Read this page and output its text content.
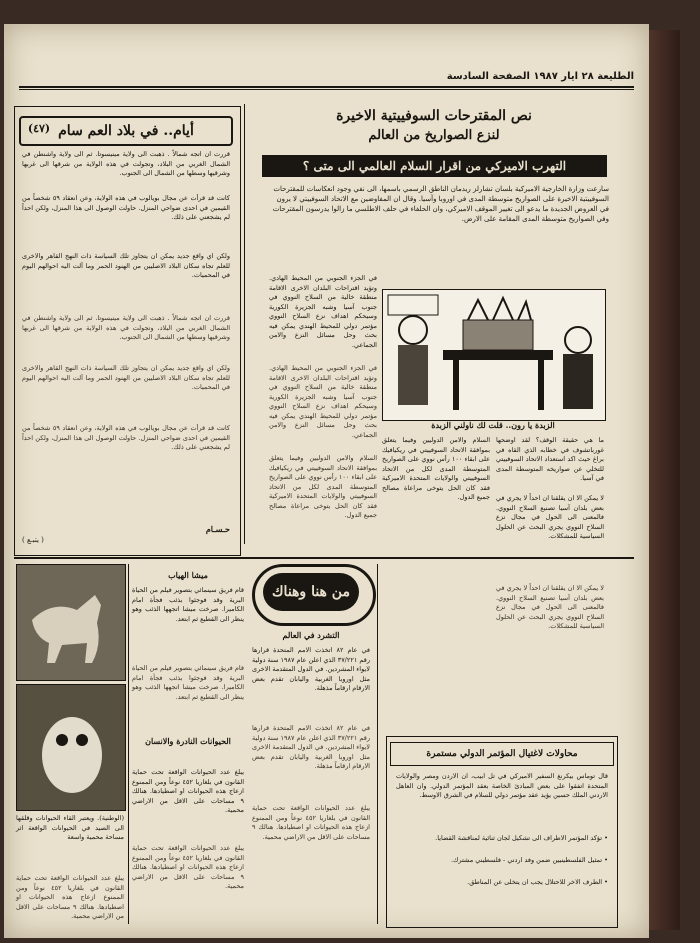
الطليعة ٢٨ ايار ١٩٨٧ الصفحة السادسة

نص المقترحات السوفييتية الاخيرة

لنزع الصواريخ من العالم

التهرب الاميركي من اقرار السلام العالمي الى متى ؟

سارعت وزارة الخارجية الاميركية بلسان تشارلز ريدمان الناطق الرسمي باسمها، الى نفي وجود انعكاسات للمقترحات السوفييتية الاخيرة على الصواريخ متوسطة المدى في اوروبا وآسيا. وقال ان المفاوضين مع الاتحاد السوفييتي لا يرون في العروض الجديدة ما يدعو الى تغيير الموقف الاميركي، وان الحلفاء في حلف الاطلسي ما زالوا يدرسون المقترحات وفي الصواريخ متوسطة المدى المقامة على الارض.

أيام.. في بلاد العم سام
(٤٧)

قررت ان اتجه شمالاً . ذهبت الى ولاية مينيسوتا. ثم الى ولاية واشنطن في الشمال الغربي من البلاد، وتجولت في هذه الولاية من شرقها الى غربها وشرقيها وسطها من الشمال الى الجنوب.

كانت قد قرأت عن مجال بويالوب في هذه الولاية، وعن انعقاد ٥٩ شخصاً من القيمين في احدى ضواحي المنزل. حاولت الوصول الى هذا المنزل، ولكن احداً لم يشجعني على ذلك.

ولكن اي واقع جديد يمكن ان يتجاوز تلك السياسة ذات النهج القاهر والاخرى للعلم تجاه سكان البلاد الاصليين من الهنود الحمر وما آلت اليه احوالهم اليوم في المحميات.

قررت ان اتجه شمالاً . ذهبت الى ولاية مينيسوتا. ثم الى ولاية واشنطن في الشمال الغربي من البلاد، وتجولت في هذه الولاية من شرقها الى غربها وشرقيها وسطها من الشمال الى الجنوب.

ولكن اي واقع جديد يمكن ان يتجاوز تلك السياسة ذات النهج القاهر والاخرى للعلم تجاه سكان البلاد الاصليين من الهنود الحمر وما آلت اليه احوالهم اليوم في المحميات.

كانت قد قرأت عن مجال بويالوب في هذه الولاية، وعن انعقاد ٥٩ شخصاً من القيمين في احدى ضواحي المنزل. حاولت الوصول الى هذا المنزل، ولكن احداً لم يشجعني على ذلك.

حـسـام

( يتبـع )

في الجزء الجنوبي من المحيط الهادي. وتؤيد اقتراحات البلدان الاخرى الاقامة منطقة خالية من السلاح النووي في جنوب آسيا وشبه الجزيرة الكورية وسيحكم اهداف نزع السلاح النووي مؤتمر دولي للمحيط الهندي يمكن فيه بحث وحل مسائل النزع والامن الجماعي.

في الجزء الجنوبي من المحيط الهادي. وتؤيد اقتراحات البلدان الاخرى الاقامة منطقة خالية من السلاح النووي في جنوب آسيا وشبه الجزيرة الكورية وسيحكم اهداف نزع السلاح النووي مؤتمر دولي للمحيط الهندي يمكن فيه بحث وحل مسائل النزع والامن الجماعي.

السلام والامن الدوليين وفيما يتعلق بموافقة الاتحاد السوفييتي في ريكيافيك على ابقاء ١٠٠ رأس نووي على الصواريخ المتوسطة المدى لكل من الاتحاد السوفييتي والولايات المتحدة الاميركية فقد كان الحل يتوخى مراعاة مصالح جميع الدول.

ما هي حقيقة الوقف؟ لقد اوضحها غورباتشوف في خطابه الذي القاه في براغ حيث اكد استعداد الاتحاد السوفييتي للتخلي عن صواريخه المتوسطة المدى في آسيا.

لا يمكن الا ان يقلقنا ان احداً لا يجري في بعض بلدان آسيا تصنيع السلاح النووي. فالمعنى الى الحول في مجال نزع السلاح النووي يجري البحث عن الحلول السياسية للمشكلات.

السلام والامن الدوليين وفيما يتعلق بموافقة الاتحاد السوفييتي في ريكيافيك على ابقاء ١٠٠ رأس نووي على الصواريخ المتوسطة المدى لكل من الاتحاد السوفييتي والولايات المتحدة الاميركية فقد كان الحل يتوخى مراعاة مصالح جميع الدول.

لا يمكن الا ان يقلقنا ان احداً لا يجري في بعض بلدان آسيا تصنيع السلاح النووي. فالمعنى الى الحول في مجال نزع السلاح النووي يجري البحث عن الحلول السياسية للمشكلات.

الزبدة يا رون.. قلت لك ناولني الزبدة

من هنا وهناك

التشرد في العالم

في عام ٨٢ اتخذت الامم المتحدة قرارها رقم ٣٧/٢٢١ الذي اعلن عام ١٩٨٧ سنة دولية لايواء المشردين. في الدول المتقدمة الاخرى مثل اوروبا الغربية واليابان تقدم بعض الارقام ارقاماً مذهلة.

في عام ٨٢ اتخذت الامم المتحدة قرارها رقم ٣٧/٢٢١ الذي اعلن عام ١٩٨٧ سنة دولية لايواء المشردين. في الدول المتقدمة الاخرى مثل اوروبا الغربية واليابان تقدم بعض الارقام ارقاماً مذهلة.

يبلغ عدد الحيوانات الواقعة تحت حماية القانون في بلغاريا ٤٥٢ نوعاً ومن الممنوع ازعاج هذه الحيوانات او اصطيادها. هنالك ٩ مساحات على الاقل من الاراضي محمية.

ميشا الهياب

قام فريق سينمائي بتصوير فيلم من الحياة البرية وقد فوجئوا بذئب فجأة امام الكاميرا. صرخت ميشا اتجهها الذئب وهو ينظر الى القطيع ثم ابتعد.

قام فريق سينمائي بتصوير فيلم من الحياة البرية وقد فوجئوا بذئب فجأة امام الكاميرا. صرخت ميشا اتجهها الذئب وهو ينظر الى القطيع ثم ابتعد.

الحيوانات النادرة والانسان

يبلغ عدد الحيوانات الواقعة تحت حماية القانون في بلغاريا ٤٥٢ نوعاً ومن الممنوع ازعاج هذه الحيوانات او اصطيادها. هنالك ٩ مساحات على الاقل من الاراضي محمية.

يبلغ عدد الحيوانات الواقعة تحت حماية القانون في بلغاريا ٤٥٢ نوعاً ومن الممنوع ازعاج هذه الحيوانات او اصطيادها. هنالك ٩ مساحات على الاقل من الاراضي محمية.

(الوطنية). ويعتبر القاء الحيوانات وقلقها الى الصيد في الحيوانات الواقعة اثر مساحة محمية واسعة

يبلغ عدد الحيوانات الواقعة تحت حماية القانون في بلغاريا ٤٥٢ نوعاً ومن الممنوع ازعاج هذه الحيوانات او اصطيادها. هنالك ٩ مساحات على الاقل من الاراضي محمية.

محاولات لاغتيال المؤتمر الدولي مستمرة

قال توماس بيكرنغ السفير الاميركي في تل ابيب، ان الاردن ومصر والولايات المتحدة اتفقوا على بعض المبادئ الخاصة بعقد المؤتمر الدولي. وان العاهل الاردني الملك حسين يؤيد عقد مؤتمر دولي للسلام في الشرق الاوسط.

• تؤكد المؤتمر الاطراف الى تشكيل لجان ثنائية لمناقشة القضايا.

• تمثيل الفلسطينيين ضمن وفد اردني - فلسطيني مشترك.

• الطرف الاخر للاحتلال يجب ان يتخلى عن المناطق.
